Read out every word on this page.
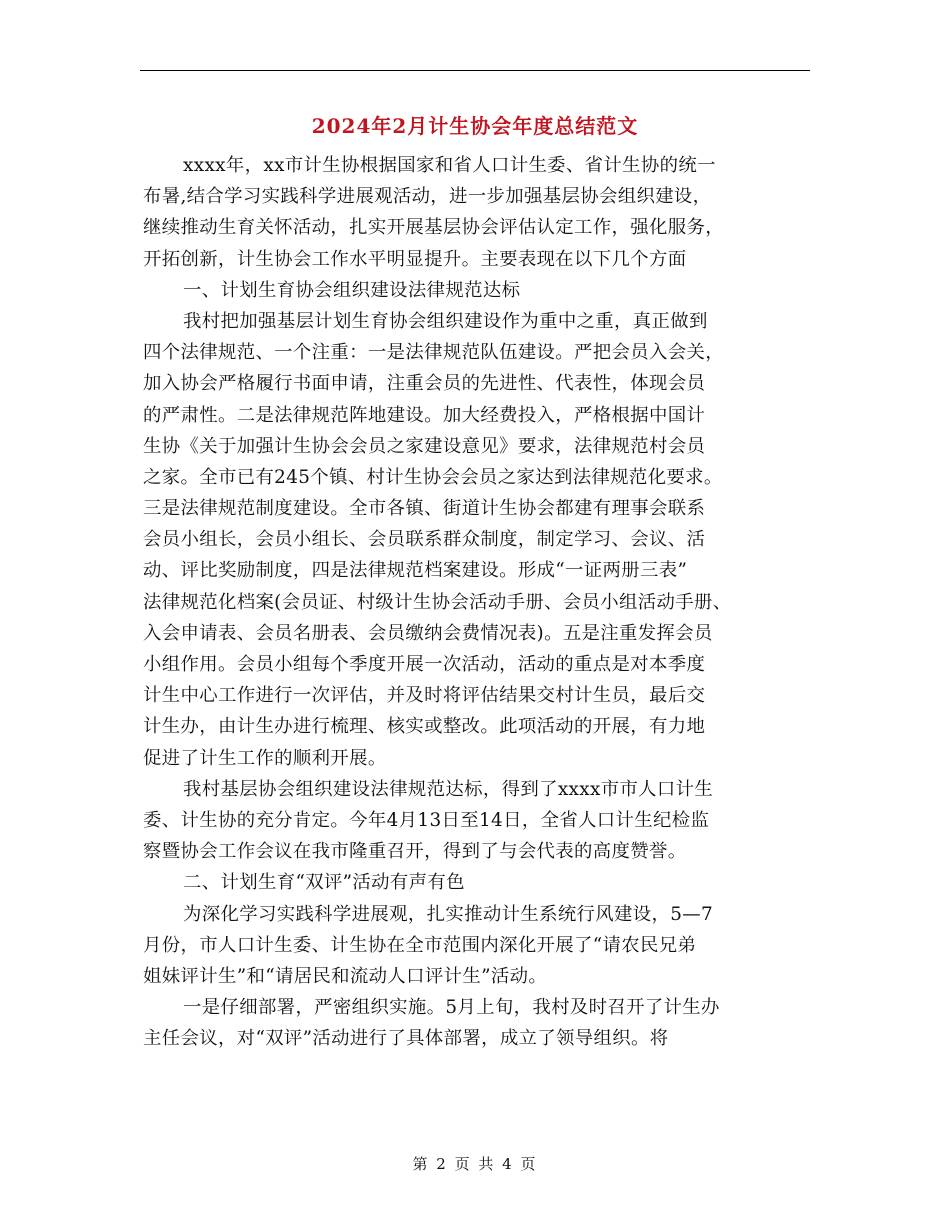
2024年2月计生协会年度总结范文
xxxx年，xx市计生协根据国家和省人口计生委、省计生协的统一
布暑,结合学习实践科学进展观活动，进一步加强基层协会组织建设，
继续推动生育关怀活动，扎实开展基层协会评估认定工作，强化服务，
开拓创新，计生协会工作水平明显提升。主要表现在以下几个方面
一、计划生育协会组织建设法律规范达标
我村把加强基层计划生育协会组织建设作为重中之重，真正做到
四个法律规范、一个注重：一是法律规范队伍建设。严把会员入会关，
加入协会严格履行书面申请，注重会员的先进性、代表性，体现会员
的严肃性。二是法律规范阵地建设。加大经费投入，严格根据中国计
生协《关于加强计生协会会员之家建设意见》要求，法律规范村会员
之家。全市已有245个镇、村计生协会会员之家达到法律规范化要求。
三是法律规范制度建设。全市各镇、街道计生协会都建有理事会联系
会员小组长，会员小组长、会员联系群众制度，制定学习、会议、活
动、评比奖励制度，四是法律规范档案建设。形成“一证两册三表”
法律规范化档案(会员证、村级计生协会活动手册、会员小组活动手册、
入会申请表、会员名册表、会员缴纳会费情况表)。五是注重发挥会员
小组作用。会员小组每个季度开展一次活动，活动的重点是对本季度
计生中心工作进行一次评估，并及时将评估结果交村计生员，最后交
计生办，由计生办进行梳理、核实或整改。此项活动的开展，有力地
促进了计生工作的顺利开展。
我村基层协会组织建设法律规范达标，得到了xxxx市市人口计生
委、计生协的充分肯定。今年4月13日至14日，全省人口计生纪检监
察暨协会工作会议在我市隆重召开，得到了与会代表的高度赞誉。
二、计划生育“双评”活动有声有色
为深化学习实践科学进展观，扎实推动计生系统行风建设，5—7
月份，市人口计生委、计生协在全市范围内深化开展了“请农民兄弟
姐妹评计生”和“请居民和流动人口评计生”活动。
一是仔细部署，严密组织实施。5月上旬，我村及时召开了计生办
主任会议，对“双评”活动进行了具体部署，成立了领导组织。将
第 2 页 共 4 页
